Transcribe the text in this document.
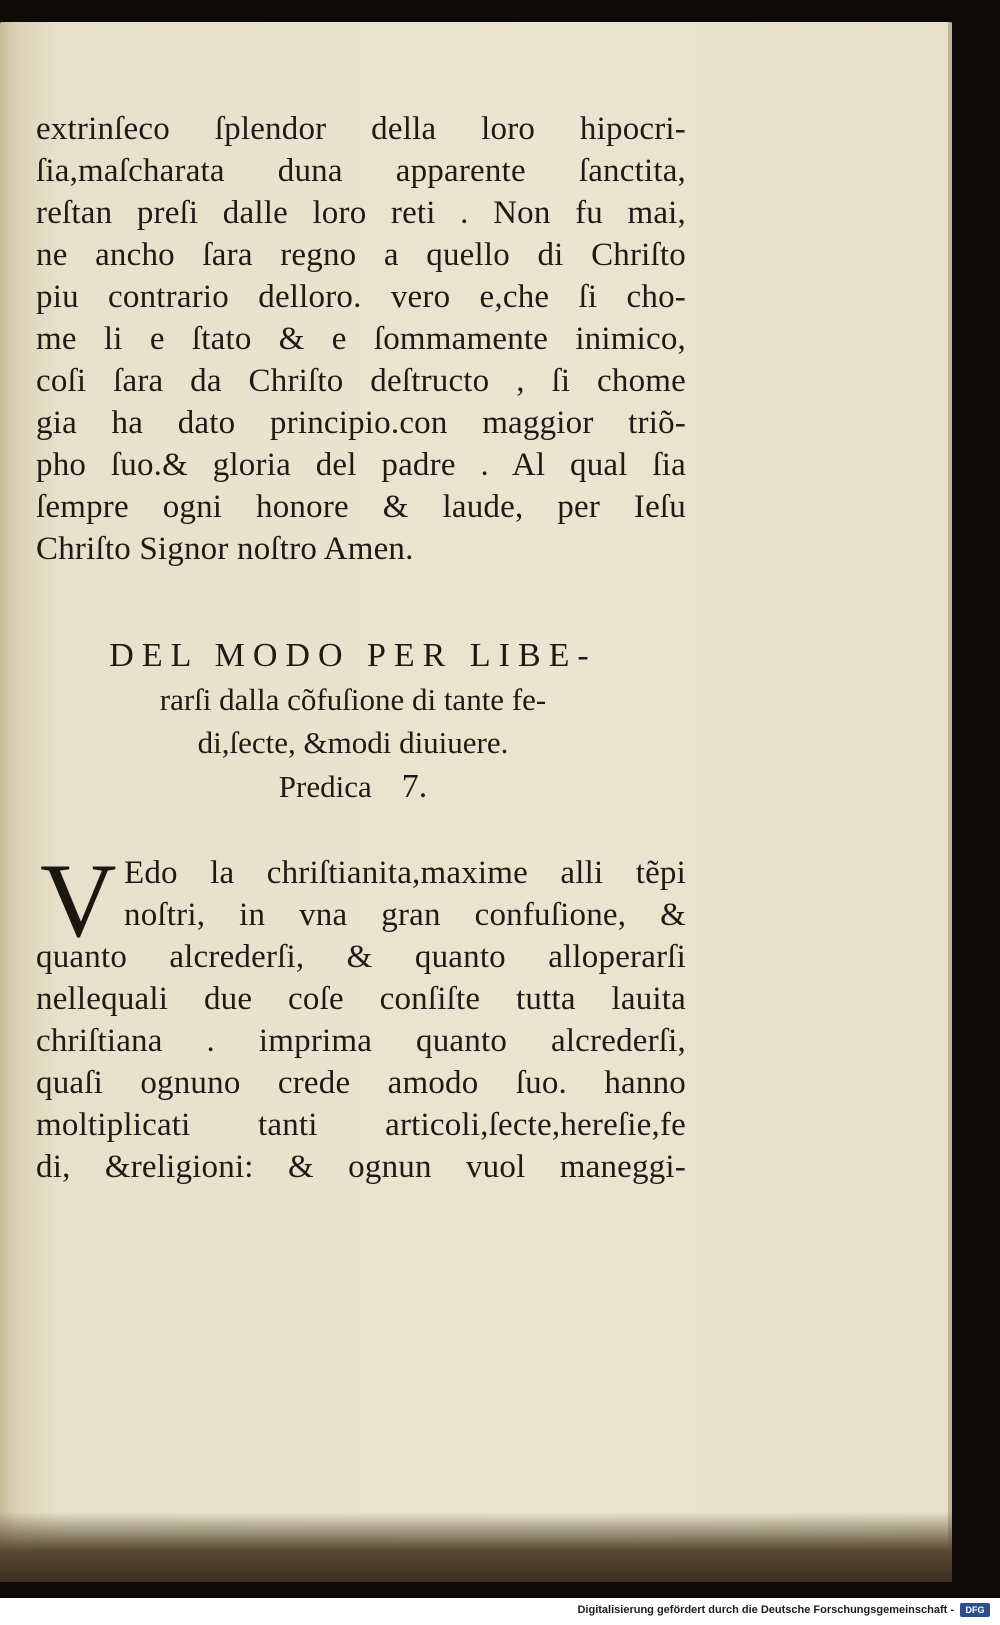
extrinſeco ſplendor della loro hipocri-
ſia,maſcharata duna apparente ſanctita,
reſtan preſi dalle loro reti . Non fu mai,
ne ancho ſara regno a quello di Chriſto
piu contrario delloro. vero e,che ſi cho-
me li e ſtato & e ſommamente inimico,
coſi ſara da Chriſto deſtructo , ſi chome
gia ha dato principio.con maggior triõ-
pho ſuo.& gloria del padre . Al qual ſia
ſempre ogni honore & laude, per Ieſu
Chriſto Signor noſtro Amen.
DEL MODO PER LIBE-
rarſi dalla cõfuſione di tante fe-
di,ſecte, &modi diuiuere.
Predica 7.
V Edo la chriſtianita,maxime alli tẽpi
noſtri, in vna gran confuſione, &
quanto alcrederſi, & quanto alloperarſi
nellequali due coſe conſiſte tutta lauita
chriſtiana . imprima quanto alcrederſi,
quaſi ognuno crede amodo ſuo. hanno
moltiplicati tanti articoli,ſecte,hereſie,fe
di, &religioni: & ognun vuol maneggi-
Digitalisierung gefördert durch die Deutsche Forschungsgemeinschaft -	DFG
